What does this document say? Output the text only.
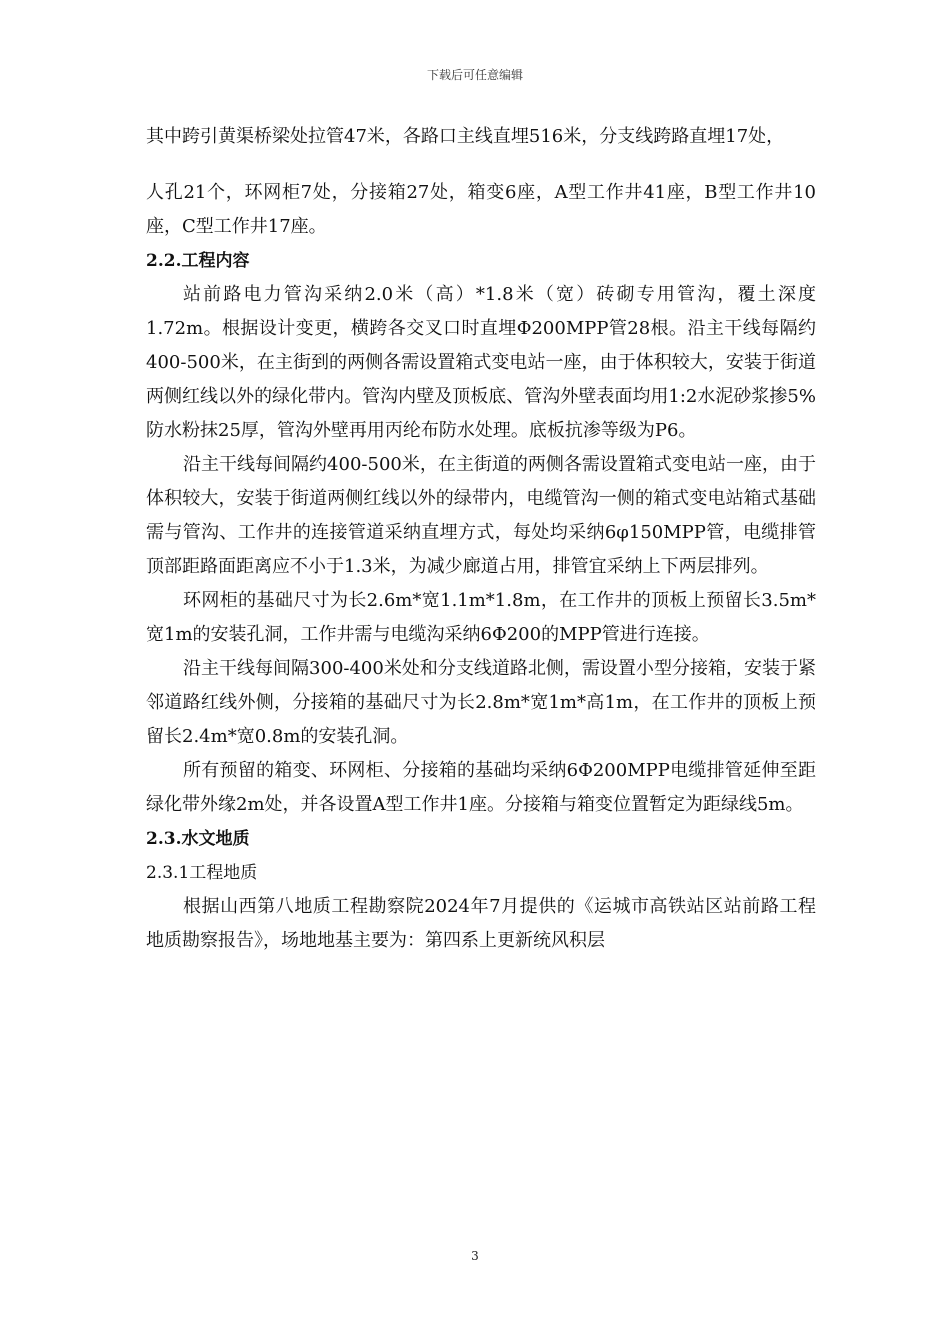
下载后可任意编辑

其中跨引黄渠桥梁处拉管47米，各路口主线直埋516米，分支线跨路直埋17处，

人孔21个，环网柜7处，分接箱27处，箱变6座，A型工作井41座，B型工作井10座，C型工作井17座。

2.2.工程内容

站前路电力管沟采纳2.0米（高）*1.8米（宽）砖砌专用管沟，覆土深度1.72m。根据设计变更，横跨各交叉口时直埋Φ200MPP管28根。沿主干线每隔约400-500米，在主街到的两侧各需设置箱式变电站一座，由于体积较大，安装于街道两侧红线以外的绿化带内。管沟内壁及顶板底、管沟外壁表面均用1:2水泥砂浆掺5%防水粉抹25厚，管沟外壁再用丙纶布防水处理。底板抗渗等级为P6。

沿主干线每间隔约400-500米，在主街道的两侧各需设置箱式变电站一座，由于体积较大，安装于街道两侧红线以外的绿带内，电缆管沟一侧的箱式变电站箱式基础需与管沟、工作井的连接管道采纳直埋方式，每处均采纳6φ150MPP管，电缆排管顶部距路面距离应不小于1.3米，为减少廊道占用，排管宜采纳上下两层排列。

环网柜的基础尺寸为长2.6m*宽1.1m*1.8m，在工作井的顶板上预留长3.5m*宽1m的安装孔洞，工作井需与电缆沟采纳6Φ200的MPP管进行连接。

沿主干线每间隔300-400米处和分支线道路北侧，需设置小型分接箱，安装于紧邻道路红线外侧，分接箱的基础尺寸为长2.8m*宽1m*高1m，在工作井的顶板上预留长2.4m*宽0.8m的安装孔洞。

所有预留的箱变、环网柜、分接箱的基础均采纳6Φ200MPP电缆排管延伸至距绿化带外缘2m处，并各设置A型工作井1座。分接箱与箱变位置暂定为距绿线5m。

2.3.水文地质

2.3.1工程地质

根据山西第八地质工程勘察院2024年7月提供的《运城市高铁站区站前路工程地质勘察报告》，场地地基主要为：第四系上更新统风积层

3
